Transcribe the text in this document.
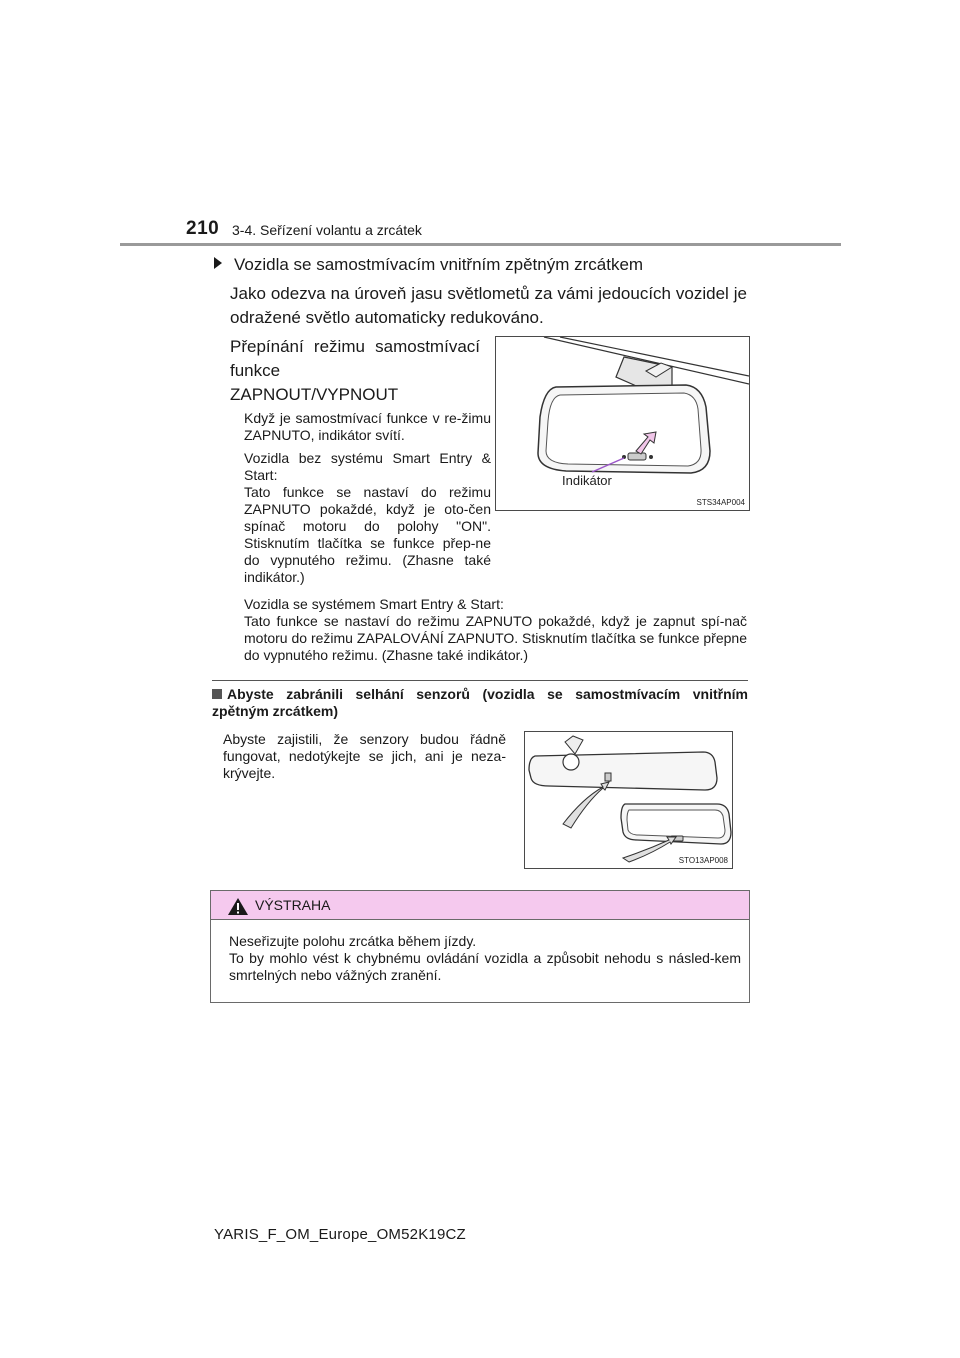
210 3-4. Seřízení volantu a zrcátek
Vozidla se samostmívacím vnitřním zpětným zrcátkem
Jako odezva na úroveň jasu světlometů za vámi jedoucích vozidel je odražené světlo automaticky redukováno.
Přepínání režimu samostmívací
funkce
ZAPNOUT/VYPNOUT
Když je samostmívací funkce v re-žimu ZAPNUTO, indikátor svítí.
Vozidla bez systému Smart Entry & Start:
Tato funkce se nastaví do režimu ZAPNUTO pokaždé, když je oto-čen spínač motoru do polohy "ON". Stisknutím tlačítka se funkce přep-ne do vypnutého režimu. (Zhasne také indikátor.)
Vozidla se systémem Smart Entry & Start:
Tato funkce se nastaví do režimu ZAPNUTO pokaždé, když je zapnut spí-nač motoru do režimu ZAPALOVÁNÍ ZAPNUTO. Stisknutím tlačítka se funkce přepne do vypnutého režimu. (Zhasne také indikátor.)
Indikátor
STS34AP004
Abyste zabránili selhání senzorů (vozidla se samostmívacím vnitřním zpětným zrcátkem)
Abyste zajistili, že senzory budou řádně fungovat, nedotýkejte se jich, ani je neza-krývejte.
STO13AP008
VÝSTRAHA
Neseřizujte polohu zrcátka během jízdy.
To by mohlo vést k chybnému ovládání vozidla a způsobit nehodu s násled-kem smrtelných nebo vážných zranění.
YARIS_F_OM_Europe_OM52K19CZ
